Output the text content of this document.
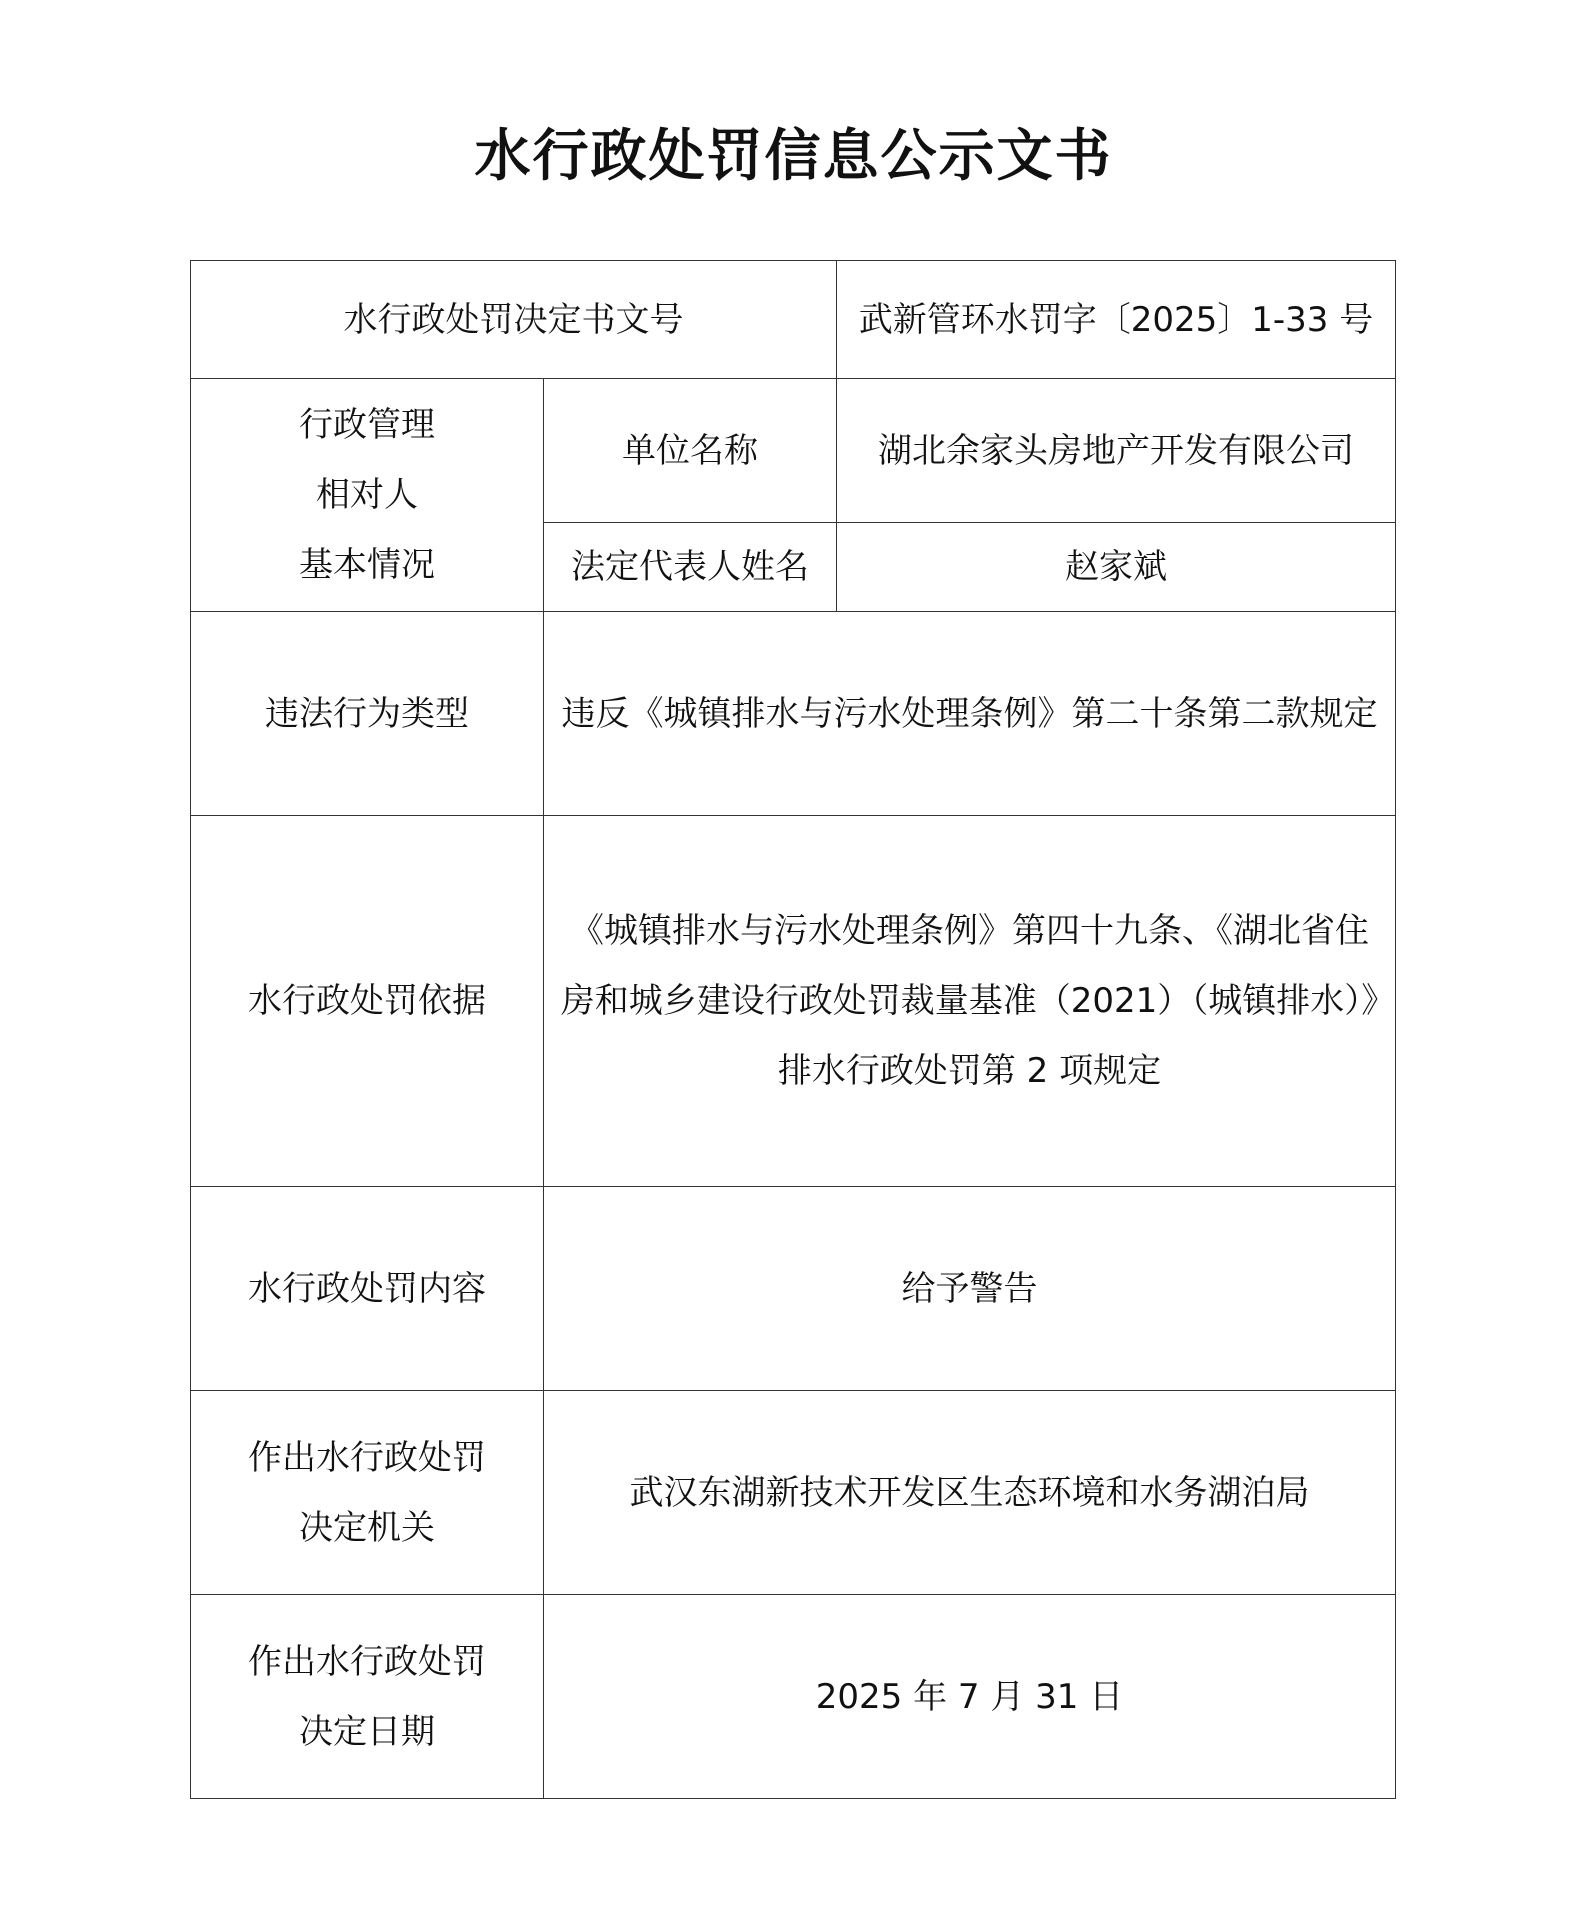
水行政处罚信息公示文书
水行政处罚决定书文号		武新管环水罚字〔2025〕1-33 号

行政管理
相对人
基本情况	单位名称	湖北余家头房地产开发有限公司
	法定代表人姓名	赵家斌
违法行为类型	违反《城镇排水与污水处理条例》第二十条第二款规定	
水行政处罚依据	《城镇排水与污水处理条例》第四十九条、《湖北省住房和城乡建设行政处罚裁量基准（2021）（城镇排水）》排水行政处罚第 2 项规定	
水行政处罚内容	给予警告	

作出水行政处罚
决定机关	武汉东湖新技术开发区生态环境和水务湖泊局	

作出水行政处罚
决定日期	2025 年 7 月 31 日	
